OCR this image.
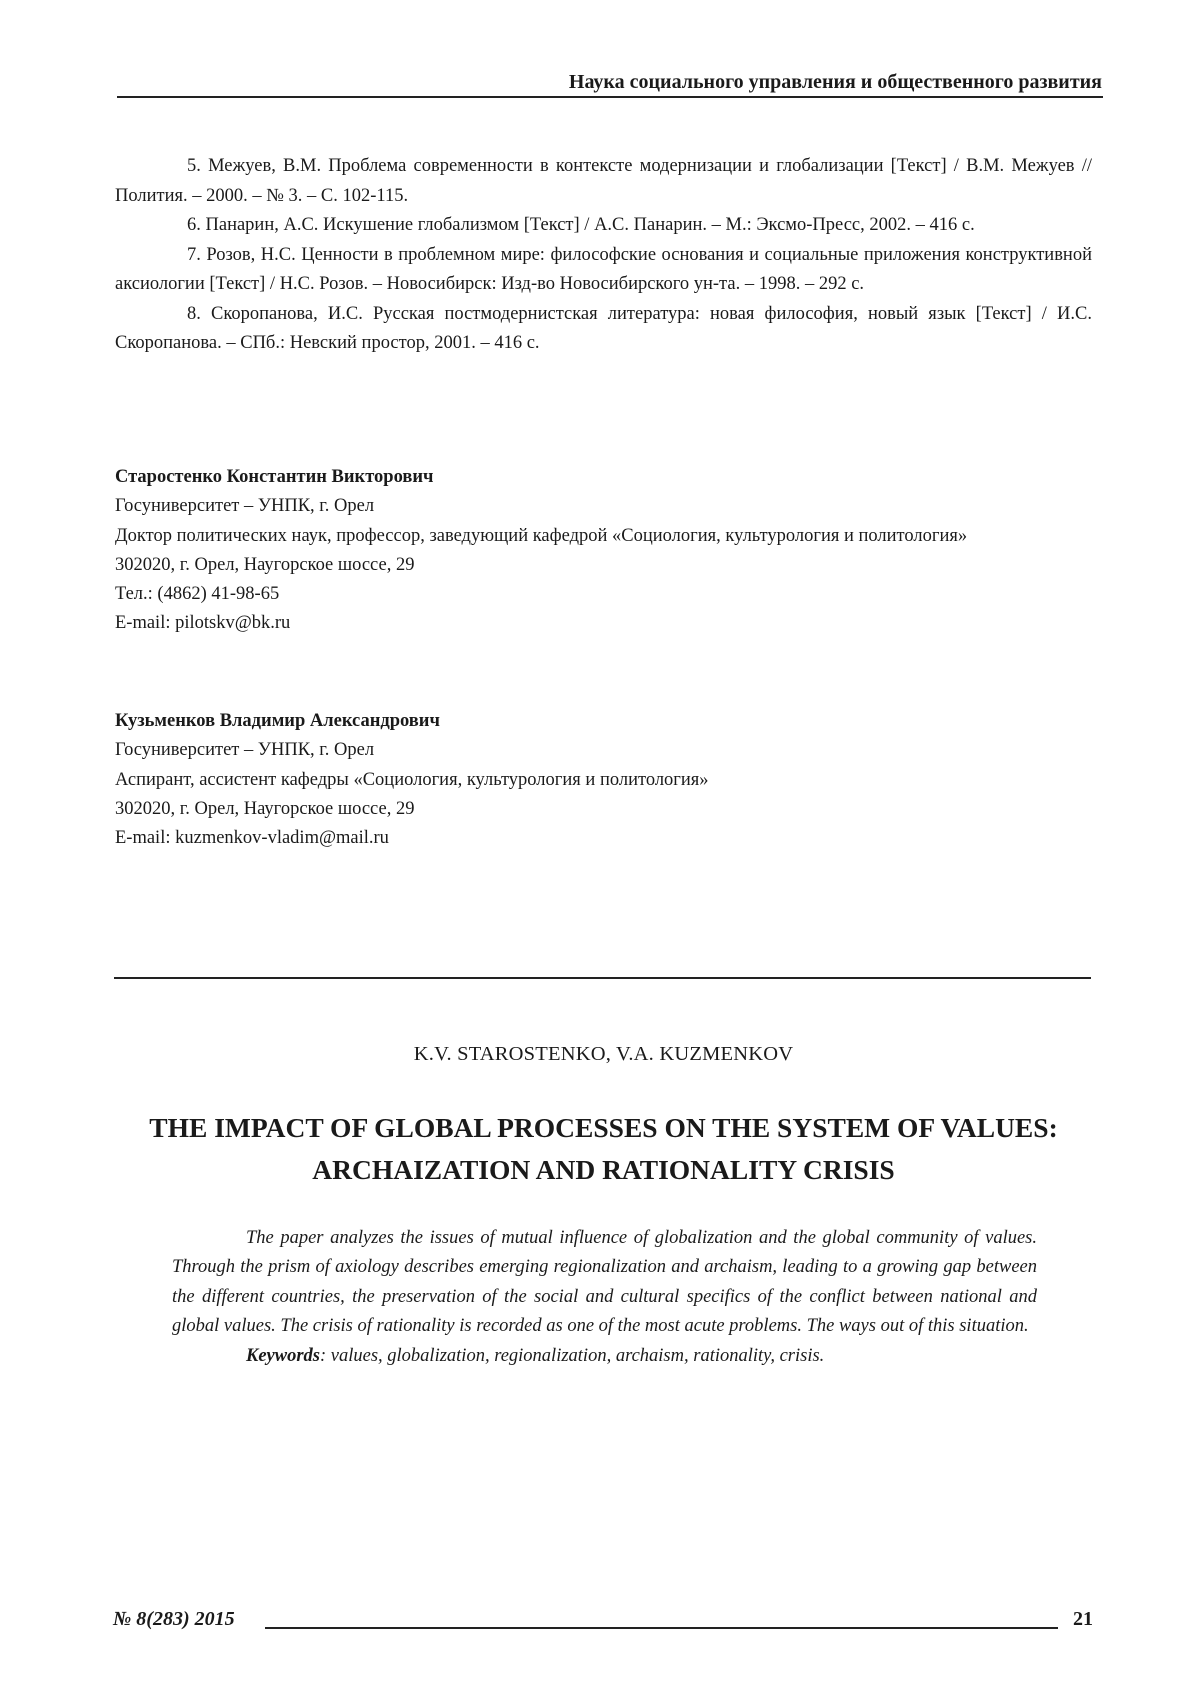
Наука социального управления и общественного развития

5. Межуев, В.М. Проблема современности в контексте модернизации и глобализации [Текст] / В.М. Межуев // Полития. – 2000. – № 3. – С. 102-115.

6. Панарин, А.С. Искушение глобализмом [Текст] / А.С. Панарин. – М.: Эксмо-Пресс, 2002. – 416 с.

7. Розов, Н.С. Ценности в проблемном мире: философские основания и социальные приложения конструктивной аксиологии [Текст] / Н.С. Розов. – Новосибирск: Изд-во Новосибирского ун-та. – 1998. – 292 с.

8. Скоропанова, И.С. Русская постмодернистская литература: новая философия, новый язык [Текст] / И.С. Скоропанова. – СПб.: Невский простор, 2001. – 416 с.

Старостенко Константин Викторович
Госуниверситет – УНПК, г. Орел
Доктор политических наук, профессор, заведующий кафедрой «Социология, культурология и политология»
302020, г. Орел, Наугорское шоссе, 29
Тел.: (4862) 41-98-65
E-mail: pilotskv@bk.ru
Кузьменков Владимир Александрович
Госуниверситет – УНПК, г. Орел
Аспирант, ассистент кафедры «Социология, культурология и политология»
302020, г. Орел, Наугорское шоссе, 29
E-mail: kuzmenkov-vladim@mail.ru
K.V. STAROSTENKO, V.A. KUZMENKOV
THE IMPACT OF GLOBAL PROCESSES ON THE SYSTEM OF VALUES:
ARCHAIZATION AND RATIONALITY CRISIS

The paper analyzes the issues of mutual influence of globalization and the global community of values. Through the prism of axiology describes emerging regionalization and archaism, leading to a growing gap between the different countries, the preservation of the social and cultural specifics of the conflict between national and global values. The crisis of rationality is recorded as one of the most acute problems. The ways out of this situation.

Keywords: values, globalization, regionalization, archaism, rationality, crisis.

№ 8(283) 2015	21
